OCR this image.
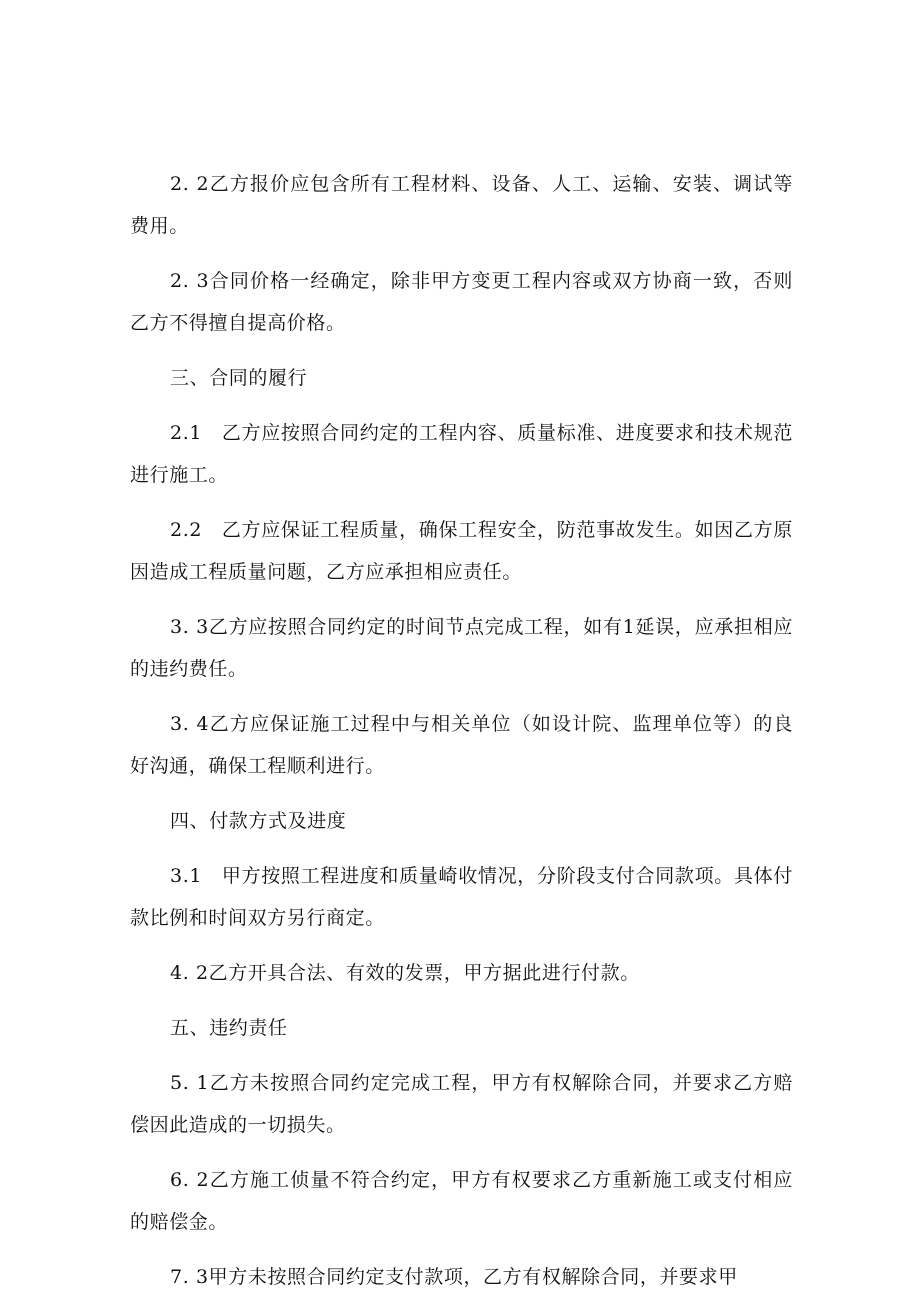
2. 2乙方报价应包含所有工程材料、设备、人工、运输、安装、调试等费用。

2. 3合同价格一经确定，除非甲方变更工程内容或双方协商一致，否则乙方不得擅自提高价格。

三、合同的履行

2.1　乙方应按照合同约定的工程内容、质量标准、进度要求和技术规范进行施工。

2.2　乙方应保证工程质量，确保工程安全，防范事故发生。如因乙方原因造成工程质量问题，乙方应承担相应责任。

3. 3乙方应按照合同约定的时间节点完成工程，如有1延误，应承担相应的违约费任。

3. 4乙方应保证施工过程中与相关单位（如设计院、监理单位等）的良好沟通，确保工程顺利进行。

四、付款方式及进度

3.1　甲方按照工程进度和质量崎收情况，分阶段支付合同款项。具体付款比例和时间双方另行商定。

4. 2乙方开具合法、有效的发票，甲方据此进行付款。

五、违约责任

5. 1乙方未按照合同约定完成工程，甲方有权解除合同，并要求乙方赔偿因此造成的一切损失。

6. 2乙方施工侦量不符合约定，甲方有权要求乙方重新施工或支付相应的赔偿金。

7. 3甲方未按照合同约定支付款项，乙方有权解除合同，并要求甲
